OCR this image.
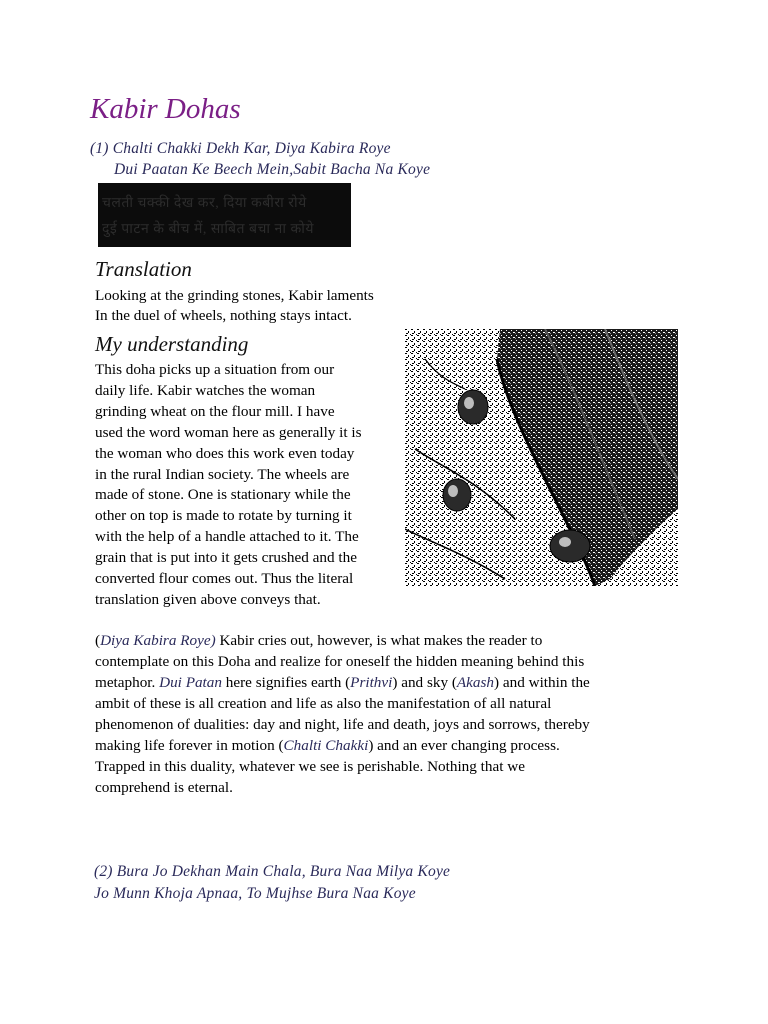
Kabir Dohas
(1) Chalti Chakki Dekh Kar, Diya Kabira Roye
Dui Paatan Ke Beech Mein,Sabit Bacha Na Koye
चलती चक्की देख कर, दिया कबीरा रोये
दुई पाटन के बीच में, साबित बचा ना कोये
Translation
Looking at the grinding stones, Kabir laments
In the duel of wheels, nothing stays intact.
My understanding
This doha picks up a situation from our
daily life. Kabir watches the woman
grinding wheat on the flour mill. I have
used the word woman here as generally it is
the woman who does this work even today
in the rural Indian society. The wheels are
made of stone. One is stationary while the
other on top is made to rotate by turning it
with the help of a handle attached to it. The
grain that is put into it gets crushed and the
converted flour comes out. Thus the literal
translation given above conveys that.
(Diya Kabira Roye) Kabir cries out, however, is what makes the reader to
contemplate on this Doha and realize for oneself the hidden meaning behind this
metaphor. Dui Patan here signifies earth (Prithvi) and sky (Akash) and within the
ambit of these is all creation and life as also the manifestation of all natural
phenomenon of dualities: day and night, life and death, joys and sorrows, thereby
making life forever in motion (Chalti Chakki) and an ever changing process.
Trapped in this duality, whatever we see is perishable. Nothing that we
comprehend is eternal.
(2) Bura Jo Dekhan Main Chala, Bura Naa Milya Koye
Jo Munn Khoja Apnaa, To Mujhse Bura Naa Koye
